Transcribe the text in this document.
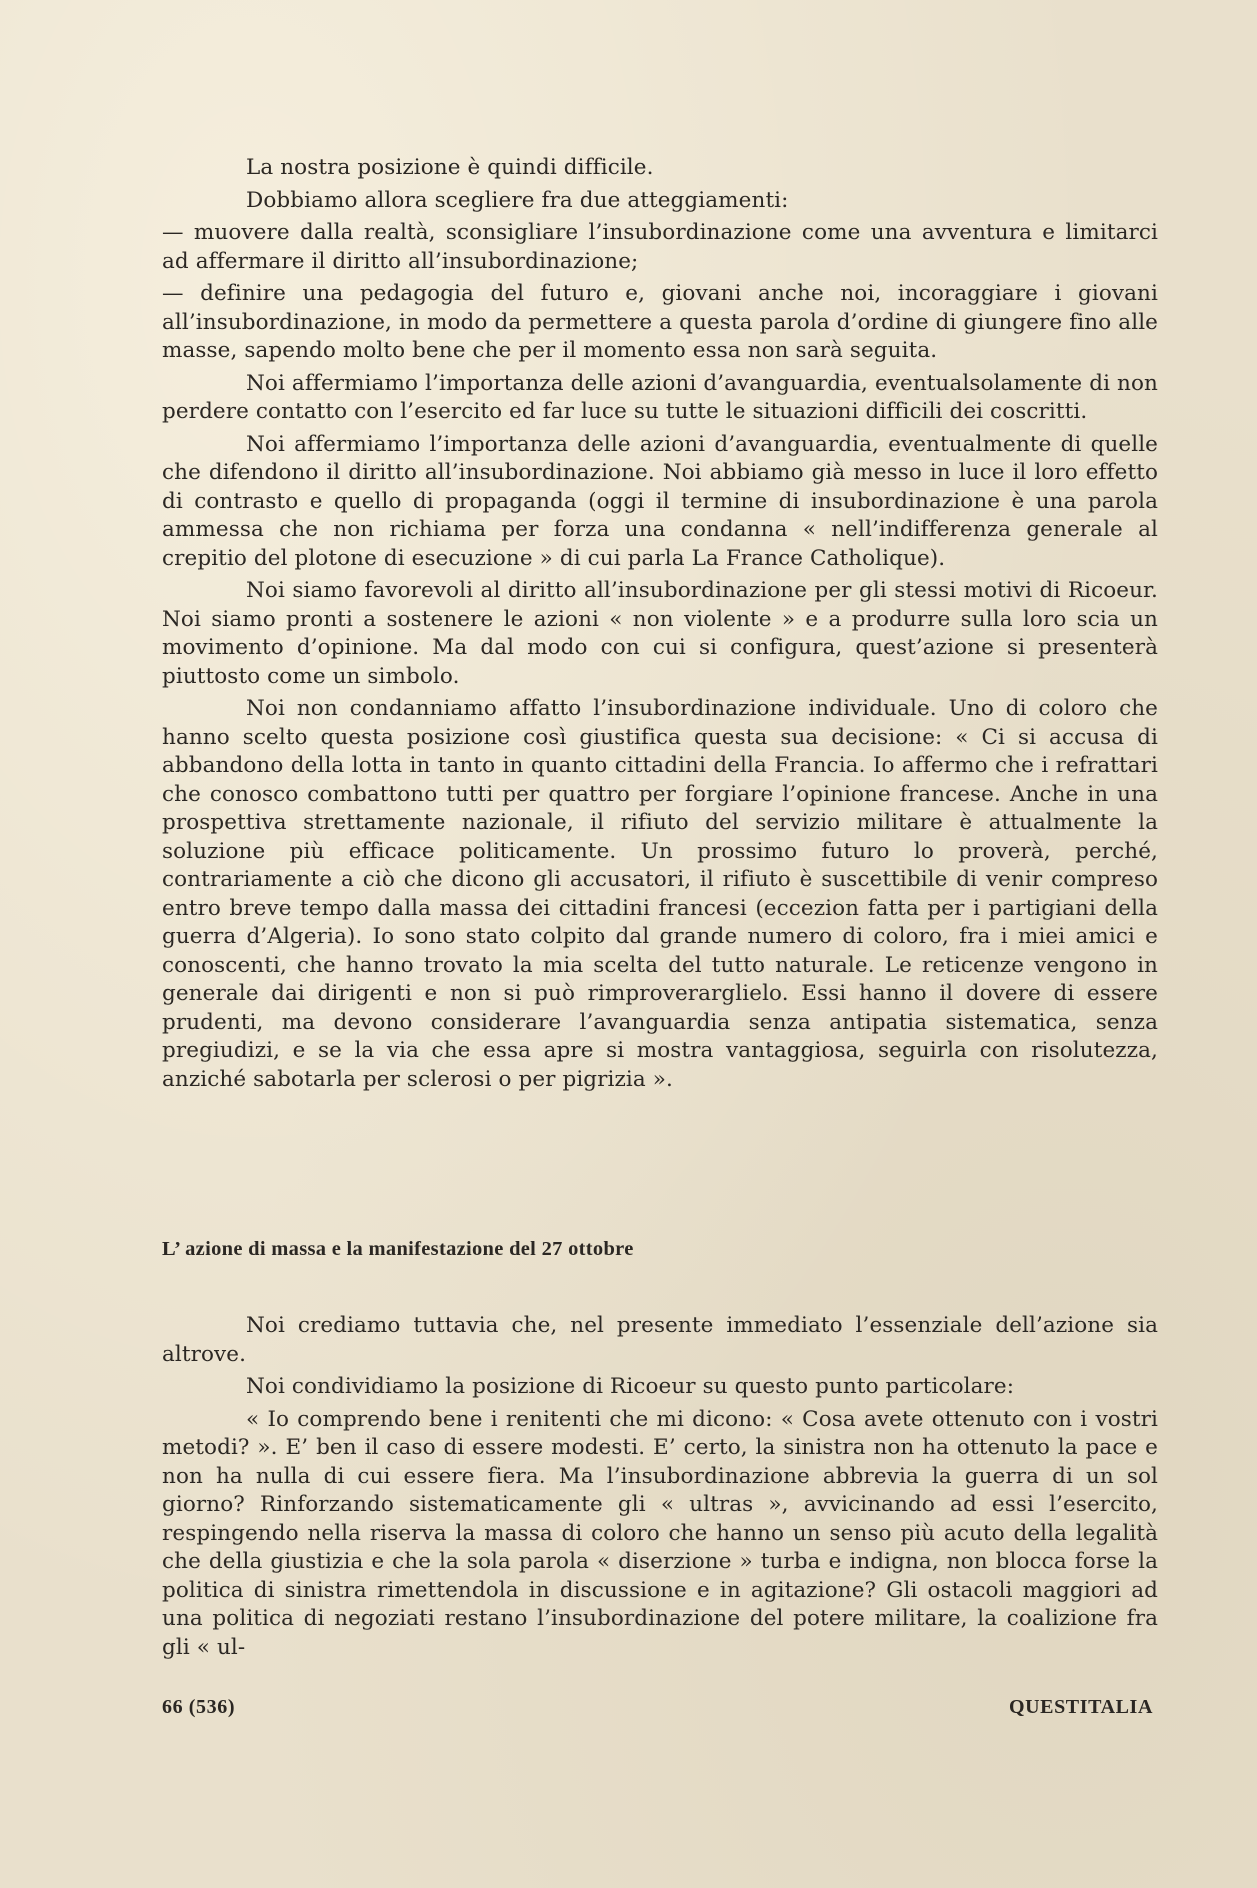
La nostra posizione è quindi difficile.

Dobbiamo allora scegliere fra due atteggiamenti:

— muovere dalla realtà, sconsigliare l’insubordinazione come una avventura e limitarci ad affermare il diritto all’insubordinazione;

— definire una pedagogia del futuro e, giovani anche noi, incoraggiare i giovani all’insubordinazione, in modo da permettere a questa parola d’ordine di giungere fino alle masse, sapendo molto bene che per il momento essa non sarà seguita.

Noi affermiamo l’importanza delle azioni d’avanguardia, eventualsolamente di non perdere contatto con l’esercito ed far luce su tutte le situazioni difficili dei coscritti.

Noi affermiamo l’importanza delle azioni d’avanguardia, eventualmente di quelle che difendono il diritto all’insubordinazione. Noi abbiamo già messo in luce il loro effetto di contrasto e quello di propaganda (oggi il termine di insubordinazione è una parola ammessa che non richiama per forza una condanna « nell’indifferenza generale al crepitio del plotone di esecuzione » di cui parla La France Catholique).

Noi siamo favorevoli al diritto all’insubordinazione per gli stessi motivi di Ricoeur. Noi siamo pronti a sostenere le azioni « non violente » e a produrre sulla loro scia un movimento d’opinione. Ma dal modo con cui si configura, quest’azione si presenterà piuttosto come un simbolo.

Noi non condanniamo affatto l’insubordinazione individuale. Uno di coloro che hanno scelto questa posizione così giustifica questa sua decisione: « Ci si accusa di abbandono della lotta in tanto in quanto cittadini della Francia. Io affermo che i refrattari che conosco combattono tutti per quattro per forgiare l’opinione francese. Anche in una prospettiva strettamente nazionale, il rifiuto del servizio militare è attualmente la soluzione più efficace politicamente. Un prossimo futuro lo proverà, perché, contrariamente a ciò che dicono gli accusatori, il rifiuto è suscettibile di venir compreso entro breve tempo dalla massa dei cittadini francesi (eccezion fatta per i partigiani della guerra d’Algeria). Io sono stato colpito dal grande numero di coloro, fra i miei amici e conoscenti, che hanno trovato la mia scelta del tutto naturale. Le reticenze vengono in generale dai dirigenti e non si può rimproverarglielo. Essi hanno il dovere di essere prudenti, ma devono considerare l’avanguardia senza antipatia sistematica, senza pregiudizi, e se la via che essa apre si mostra vantaggiosa, seguirla con risolutezza, anziché sabotarla per sclerosi o per pigrizia ».

L’ azione di massa e la manifestazione del 27 ottobre

Noi crediamo tuttavia che, nel presente immediato l’essenziale dell’azione sia altrove.

Noi condividiamo la posizione di Ricoeur su questo punto particolare:

« Io comprendo bene i renitenti che mi dicono: « Cosa avete ottenuto con i vostri metodi? ». E’ ben il caso di essere modesti. E’ certo, la sinistra non ha ottenuto la pace e non ha nulla di cui essere fiera. Ma l’insubordinazione abbrevia la guerra di un sol giorno? Rinforzando sistematicamente gli « ultras », avvicinando ad essi l’esercito, respingendo nella riserva la massa di coloro che hanno un senso più acuto della legalità che della giustizia e che la sola parola « diserzione » turba e indigna, non blocca forse la politica di sinistra rimettendola in discussione e in agitazione? Gli ostacoli maggiori ad una politica di negoziati restano l’insubordinazione del potere militare, la coalizione fra gli « ul-

66 (536)	QUESTITALIA
